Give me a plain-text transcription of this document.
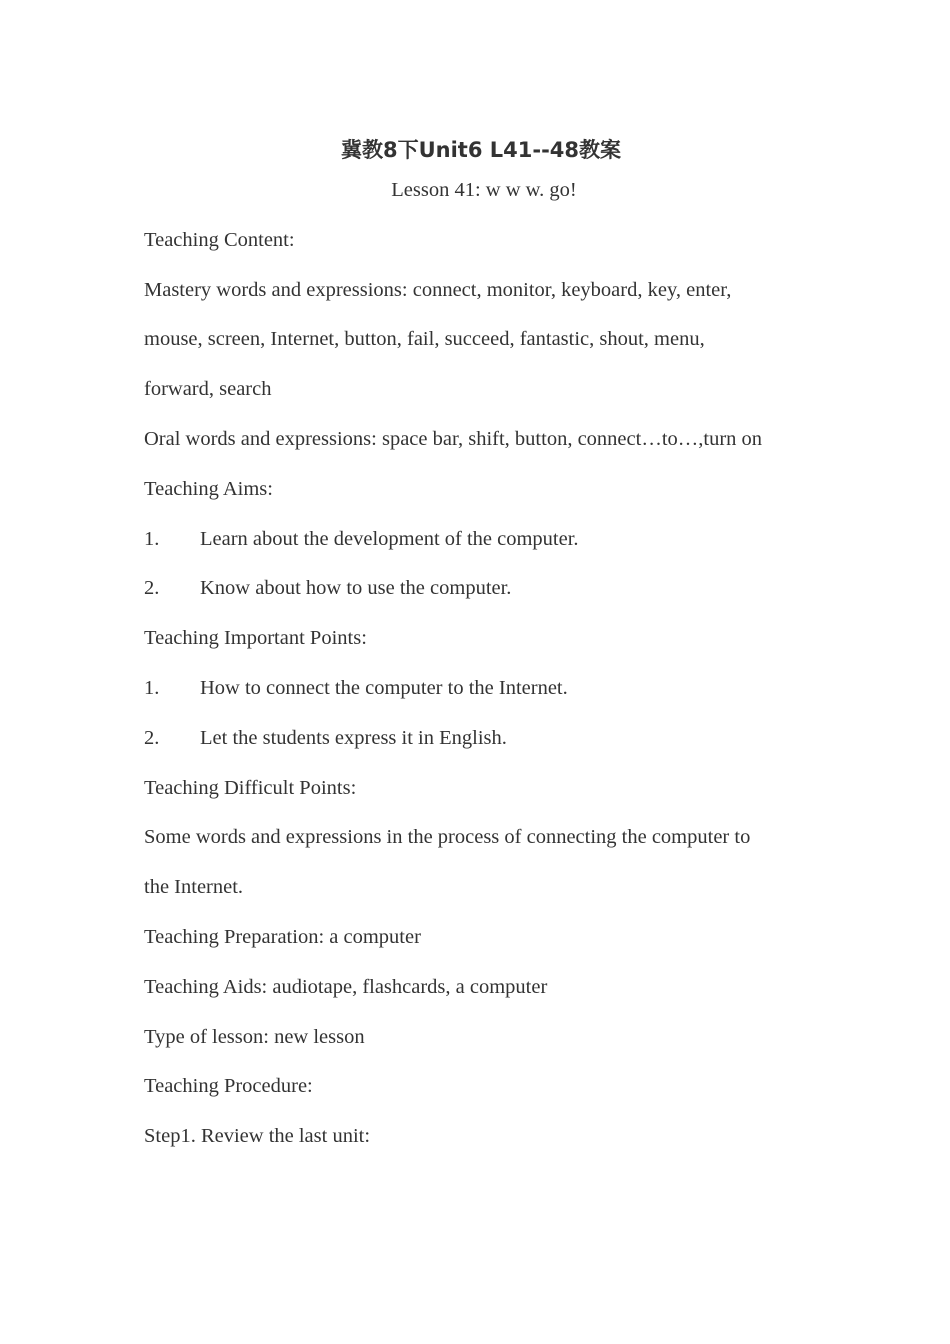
冀教8下Unit6 L41--48教案
Lesson 41: w w w. go!
Teaching Content:
Mastery words and expressions: connect, monitor, keyboard, key, enter,
mouse, screen, Internet, button, fail, succeed, fantastic, shout, menu,
forward, search
Oral words and expressions: space bar, shift, button, connect…to…,turn on
Teaching Aims:
1. Learn about the development of the computer.
2. Know about how to use the computer.
Teaching Important Points:
1. How to connect the computer to the Internet.
2. Let the students express it in English.
Teaching Difficult Points:
Some words and expressions in the process of connecting the computer to
the Internet.
Teaching Preparation: a computer
Teaching Aids: audiotape, flashcards, a computer
Type of lesson: new lesson
Teaching Procedure:
Step1. Review the last unit:
